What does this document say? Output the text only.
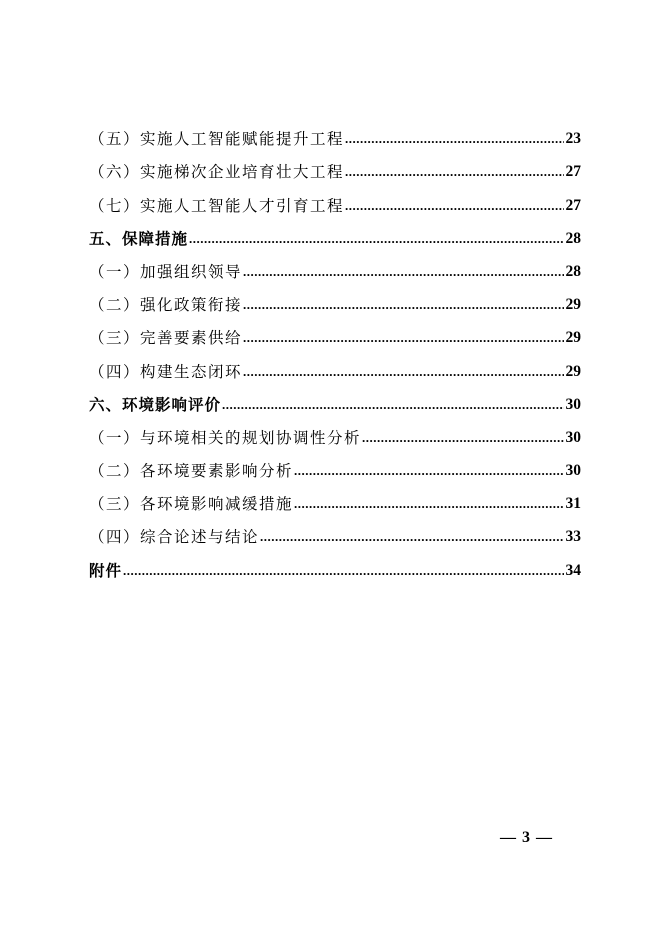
（五）实施人工智能赋能提升工程 .....	23
（六）实施梯次企业培育壮大工程 .....	27
（七）实施人工智能人才引育工程 .....	27
五、保障措施 .....	28
（一）加强组织领导 .....	28
（二）强化政策衔接 .....	29
（三）完善要素供给 .....	29
（四）构建生态闭环 .....	29
六、环境影响评价 .....	30
（一）与环境相关的规划协调性分析 .....	30
（二）各环境要素影响分析 .....	30
（三）各环境影响减缓措施 .....	31
（四）综合论述与结论 .....	33
附件 .....	34
— 3 —
